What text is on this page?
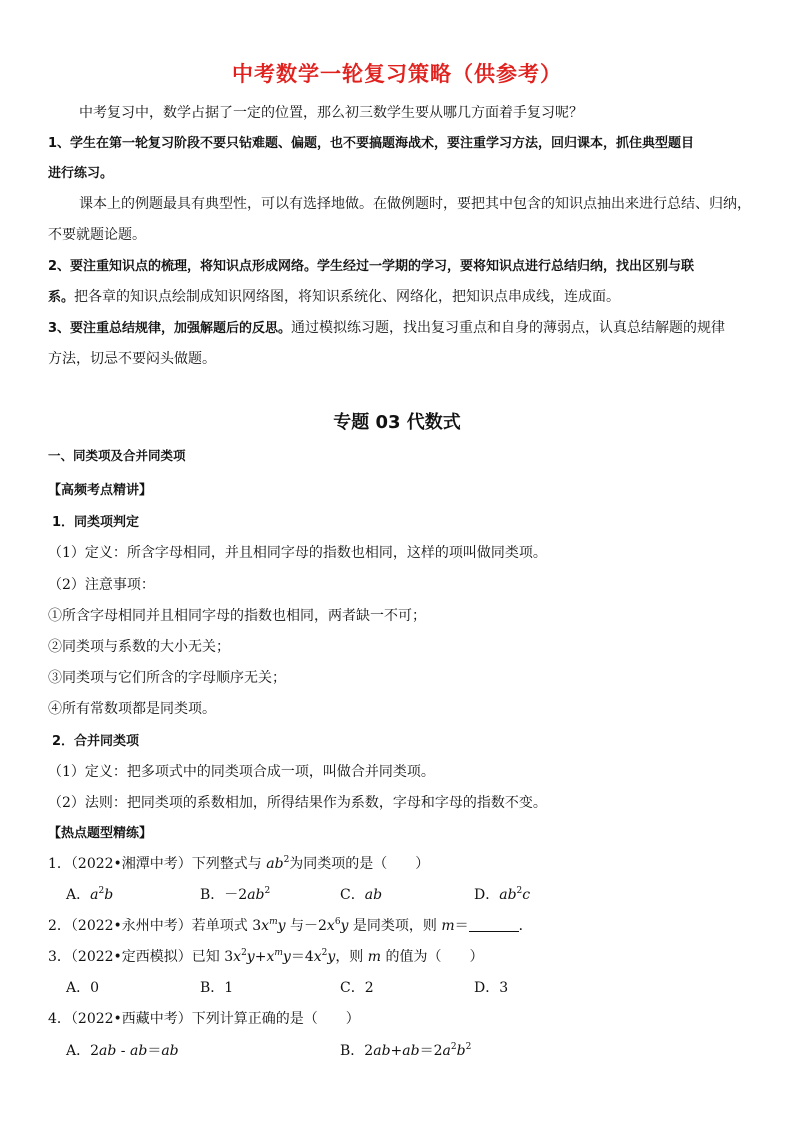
中考数学一轮复习策略（供参考）
中考复习中，数学占据了一定的位置，那么初三数学生要从哪几方面着手复习呢？
1、学生在第一轮复习阶段不要只钻难题、偏题，也不要搞题海战术，要注重学习方法，回归课本，抓住典型题目
进行练习。
课本上的例题最具有典型性，可以有选择地做。在做例题时，要把其中包含的知识点抽出来进行总结、归纳，
不要就题论题。
2、要注重知识点的梳理，将知识点形成网络。学生经过一学期的学习，要将知识点进行总结归纳，找出区别与联
系。把各章的知识点绘制成知识网络图，将知识系统化、网络化，把知识点串成线，连成面。
3、要注重总结规律，加强解题后的反思。通过模拟练习题，找出复习重点和自身的薄弱点，认真总结解题的规律
方法，切忌不要闷头做题。
专题 03 代数式
一、同类项及合并同类项
【高频考点精讲】
1．同类项判定
（1）定义：所含字母相同，并且相同字母的指数也相同，这样的项叫做同类项。
（2）注意事项：
①所含字母相同并且相同字母的指数也相同，两者缺一不可；
②同类项与系数的大小无关；
③同类项与它们所含的字母顺序无关；
④所有常数项都是同类项。
2．合并同类项
（1）定义：把多项式中的同类项合成一项，叫做合并同类项。
（2）法则：把同类项的系数相加，所得结果作为系数，字母和字母的指数不变。
【热点题型精练】
1．（2022•湘潭中考）下列整式与 $ab^2$为同类项的是（　　）
A．$a^2b$	B．$-2ab^2$	C．ab	D．$ab^2c$
2．（2022•永州中考）若单项式 $3x^my$ 与$-2x^6y$ 是同类项，则 m＝	．
3．（2022•定西模拟）已知 $3x^2y+x^my=4x^2y$，则 m 的值为（　　）
A．0	B．1	C．2	D．3
4．（2022•西藏中考）下列计算正确的是（　　）
A．2ab - ab＝ab	B．$2ab+ab=2a^2b^2$
